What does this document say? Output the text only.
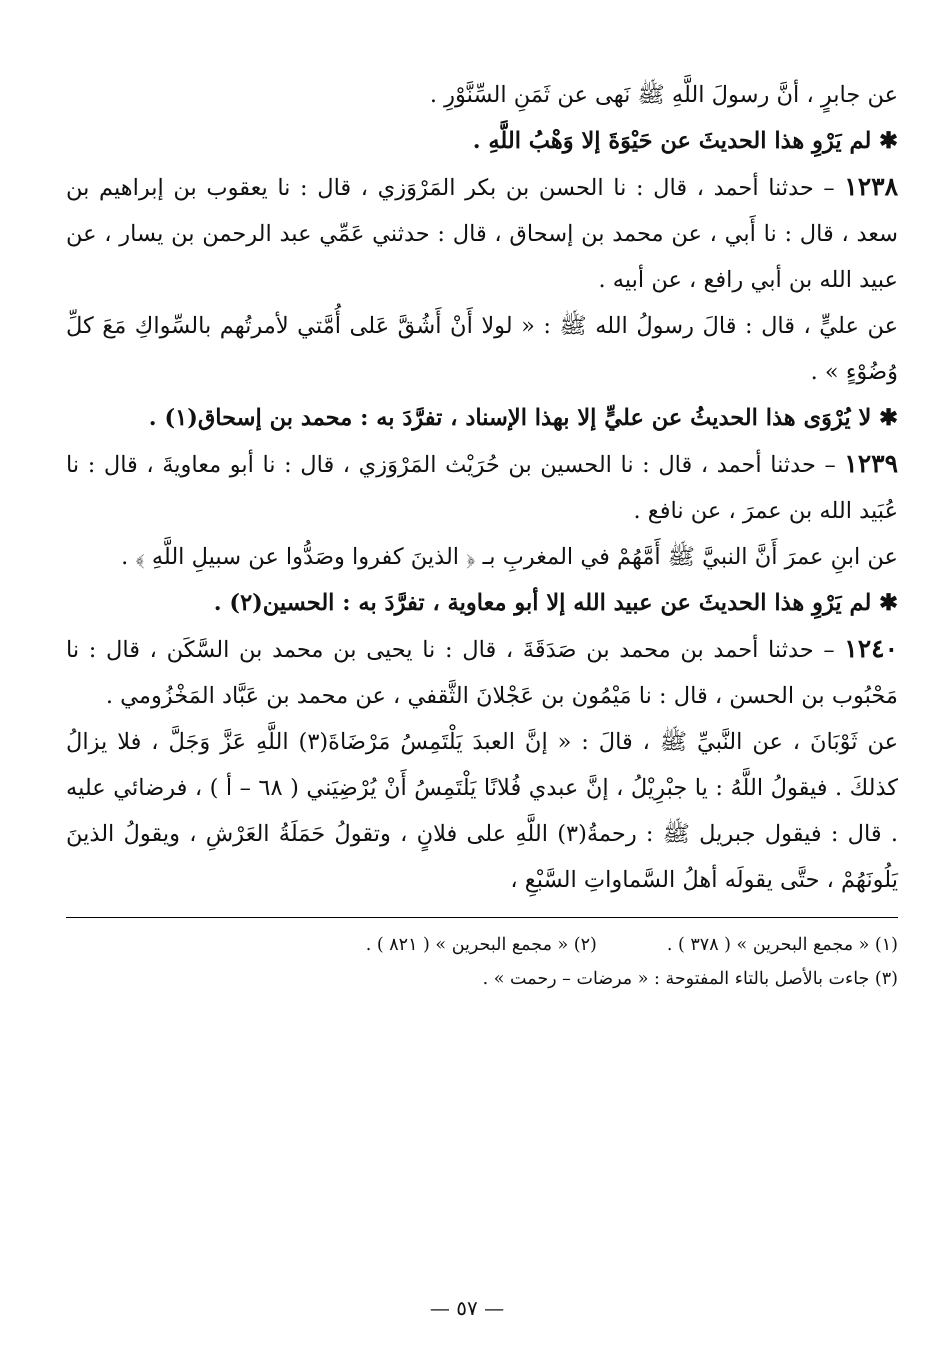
عن جابرٍ ، أنَّ رسولَ اللَّهِ ﷺ نَهى عن ثَمَنِ السِّنَّوْرِ .

✱ لم يَرْوِ هذا الحديثَ عن حَيْوَةَ إلا وَهْبُ اللَّهِ .

١٢٣٨ – حدثنا أحمد ، قال : نا الحسن بن بكر المَرْوَزي ، قال : نا يعقوب بن إبراهيم بن سعد ، قال : نا أَبي ، عن محمد بن إسحاق ، قال : حدثني عَمِّي عبد الرحمن بن يسار ، عن عبيد الله بن أبي رافع ، عن أبيه .

عن عليٍّ ، قال : قالَ رسولُ الله ﷺ : « لولا أَنْ أَشُقَّ عَلى أُمَّتي لأمرتُهم بالسِّواكِ مَعَ كلِّ وُضُوْءٍ » .

✱ لا يُرْوَى هذا الحديثُ عن عليٍّ إلا بهذا الإسناد ، تفرَّدَ به : محمد بن إسحاق(١) .

١٢٣٩ – حدثنا أحمد ، قال : نا الحسين بن حُرَيْث المَرْوَزي ، قال : نا أبو معاويةَ ، قال : نا عُبَيد الله بن عمرَ ، عن نافع .

عن ابنِ عمرَ أَنَّ النبيَّ ﷺ أَمَّهُمْ في المغربِ بـ ﴿ الذينَ كفروا وصَدُّوا عن سبيلِ اللَّهِ ﴾ .

✱ لم يَرْوِ هذا الحديثَ عن عبيد الله إلا أبو معاوية ، تفرَّدَ به : الحسين(٢) .

١٢٤٠ – حدثنا أحمد بن محمد بن صَدَقَةَ ، قال : نا يحيى بن محمد بن السَّكَن ، قال : نا مَحْبُوب بن الحسن ، قال : نا مَيْمُون بن عَجْلانَ الثَّقفي ، عن محمد بن عَبَّاد المَخْزُومي .

عن ثَوْبَانَ ، عن النَّبيِّ ﷺ ، قالَ : « إنَّ العبدَ يَلْتَمِسُ مَرْضَاةَ(٣) اللَّهِ عَزَّ وَجَلَّ ، فلا يزالُ كذلكَ . فيقولُ اللَّهُ : يا جبْرِيْلُ ، إنَّ عبدي فُلانًا يَلْتَمِسُ أَنْ يُرْضِيَني ( ٦٨ – أ ) ، فرضائي عليه . قال : فيقول جبريل ﷺ : رحمةُ(٣) اللَّهِ على فلانٍ ، وتقولُ حَمَلَةُ العَرْشِ ، ويقولُ الذينَ يَلُونَهُمْ ، حتَّى يقولَه أهلُ السَّماواتِ السَّبْعِ ،

(١) « مجمع البحرين » ( ٣٧٨ ) .

(٢) « مجمع البحرين » ( ٨٢١ ) .

(٣) جاءت بالأصل بالتاء المفتوحة : « مرضات – رحمت » .

— ٥٧ —
